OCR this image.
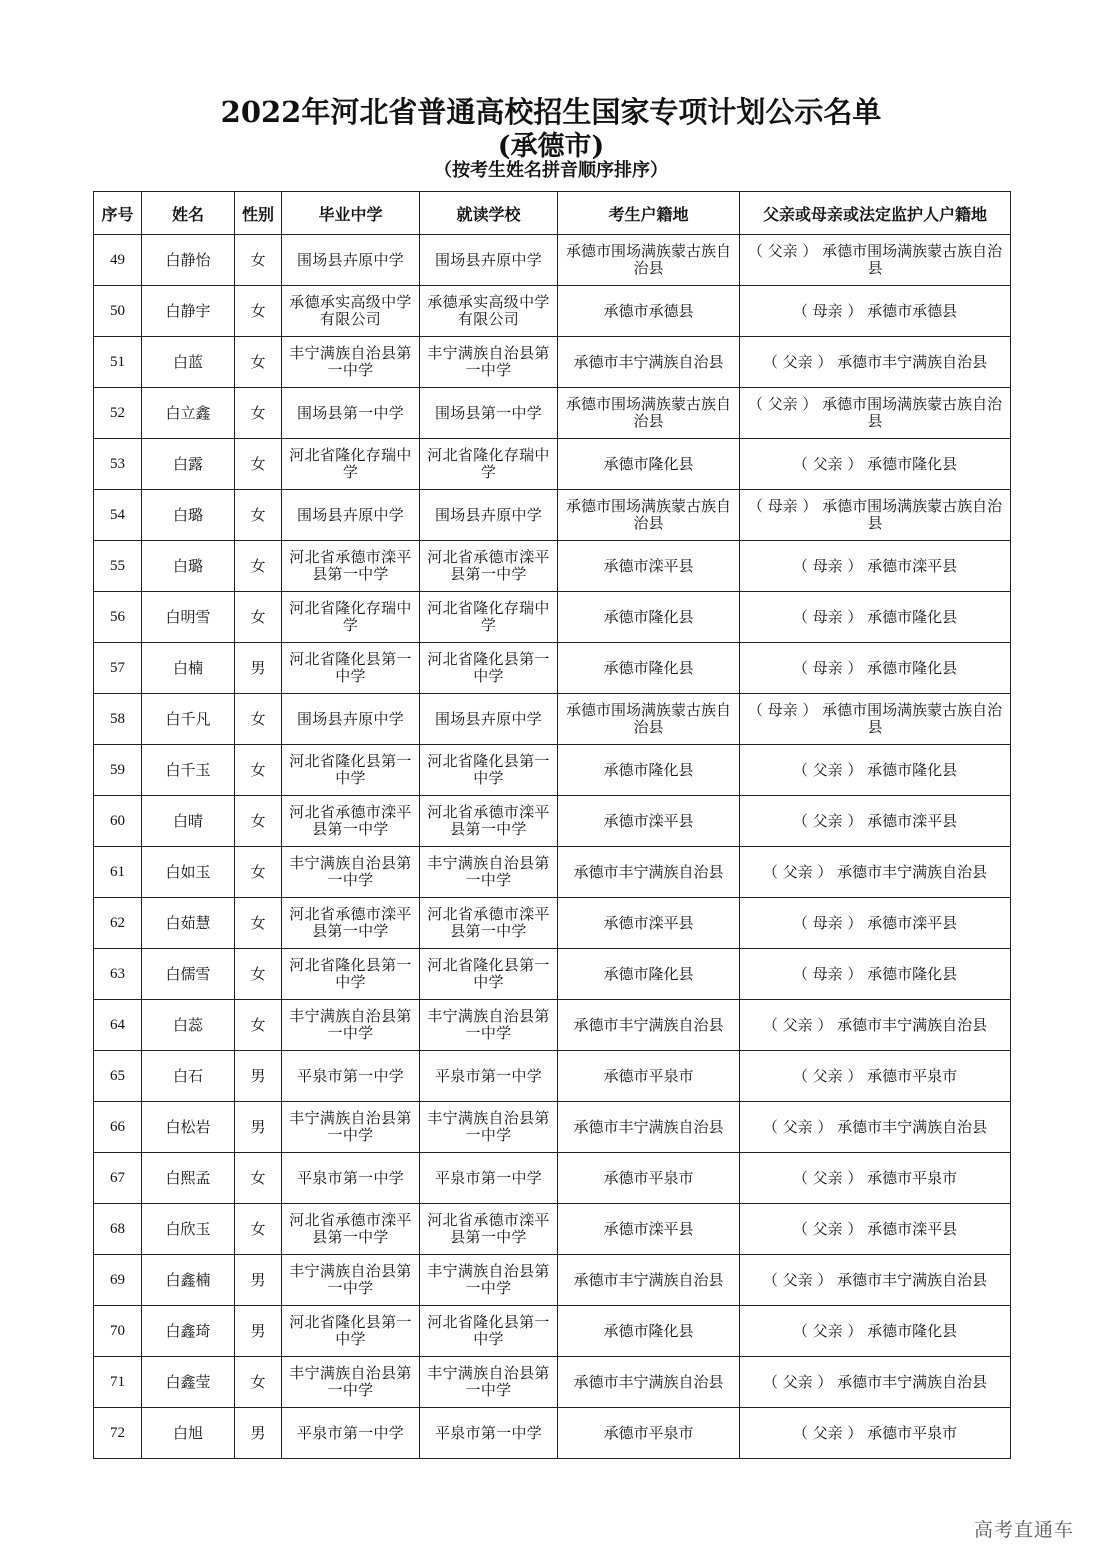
2022年河北省普通高校招生国家专项计划公示名单
(承德市)
（按考生姓名拼音顺序排序）
序号	姓名	性别	毕业中学	就读学校	考生户籍地	父亲或母亲或法定监护人户籍地
49	白静怡	女	围场县卉原中学	围场县卉原中学	承德市围场满族蒙古族自治县	（ 父亲 ） 承德市围场满族蒙古族自治县
50	白静宇	女	承德承实高级中学有限公司	承德承实高级中学有限公司	承德市承德县	（ 母亲 ） 承德市承德县
51	白蓝	女	丰宁满族自治县第一中学	丰宁满族自治县第一中学	承德市丰宁满族自治县	（ 父亲 ） 承德市丰宁满族自治县
52	白立鑫	女	围场县第一中学	围场县第一中学	承德市围场满族蒙古族自治县	（ 父亲 ） 承德市围场满族蒙古族自治县
53	白露	女	河北省隆化存瑞中学	河北省隆化存瑞中学	承德市隆化县	（ 父亲 ） 承德市隆化县
54	白璐	女	围场县卉原中学	围场县卉原中学	承德市围场满族蒙古族自治县	（ 母亲 ） 承德市围场满族蒙古族自治县
55	白璐	女	河北省承德市滦平县第一中学	河北省承德市滦平县第一中学	承德市滦平县	（ 母亲 ） 承德市滦平县
56	白明雪	女	河北省隆化存瑞中学	河北省隆化存瑞中学	承德市隆化县	（ 母亲 ） 承德市隆化县
57	白楠	男	河北省隆化县第一中学	河北省隆化县第一中学	承德市隆化县	（ 母亲 ） 承德市隆化县
58	白千凡	女	围场县卉原中学	围场县卉原中学	承德市围场满族蒙古族自治县	（ 母亲 ） 承德市围场满族蒙古族自治县
59	白千玉	女	河北省隆化县第一中学	河北省隆化县第一中学	承德市隆化县	（ 父亲 ） 承德市隆化县
60	白晴	女	河北省承德市滦平县第一中学	河北省承德市滦平县第一中学	承德市滦平县	（ 父亲 ） 承德市滦平县
61	白如玉	女	丰宁满族自治县第一中学	丰宁满族自治县第一中学	承德市丰宁满族自治县	（ 父亲 ） 承德市丰宁满族自治县
62	白茹慧	女	河北省承德市滦平县第一中学	河北省承德市滦平县第一中学	承德市滦平县	（ 母亲 ） 承德市滦平县
63	白儒雪	女	河北省隆化县第一中学	河北省隆化县第一中学	承德市隆化县	（ 母亲 ） 承德市隆化县
64	白蕊	女	丰宁满族自治县第一中学	丰宁满族自治县第一中学	承德市丰宁满族自治县	（ 父亲 ） 承德市丰宁满族自治县
65	白石	男	平泉市第一中学	平泉市第一中学	承德市平泉市	（ 父亲 ） 承德市平泉市
66	白松岩	男	丰宁满族自治县第一中学	丰宁满族自治县第一中学	承德市丰宁满族自治县	（ 父亲 ） 承德市丰宁满族自治县
67	白熙孟	女	平泉市第一中学	平泉市第一中学	承德市平泉市	（ 父亲 ） 承德市平泉市
68	白欣玉	女	河北省承德市滦平县第一中学	河北省承德市滦平县第一中学	承德市滦平县	（ 父亲 ） 承德市滦平县
69	白鑫楠	男	丰宁满族自治县第一中学	丰宁满族自治县第一中学	承德市丰宁满族自治县	（ 父亲 ） 承德市丰宁满族自治县
70	白鑫琦	男	河北省隆化县第一中学	河北省隆化县第一中学	承德市隆化县	（ 父亲 ） 承德市隆化县
71	白鑫莹	女	丰宁满族自治县第一中学	丰宁满族自治县第一中学	承德市丰宁满族自治县	（ 父亲 ） 承德市丰宁满族自治县
72	白旭	男	平泉市第一中学	平泉市第一中学	承德市平泉市	（ 父亲 ） 承德市平泉市
高考直通车
